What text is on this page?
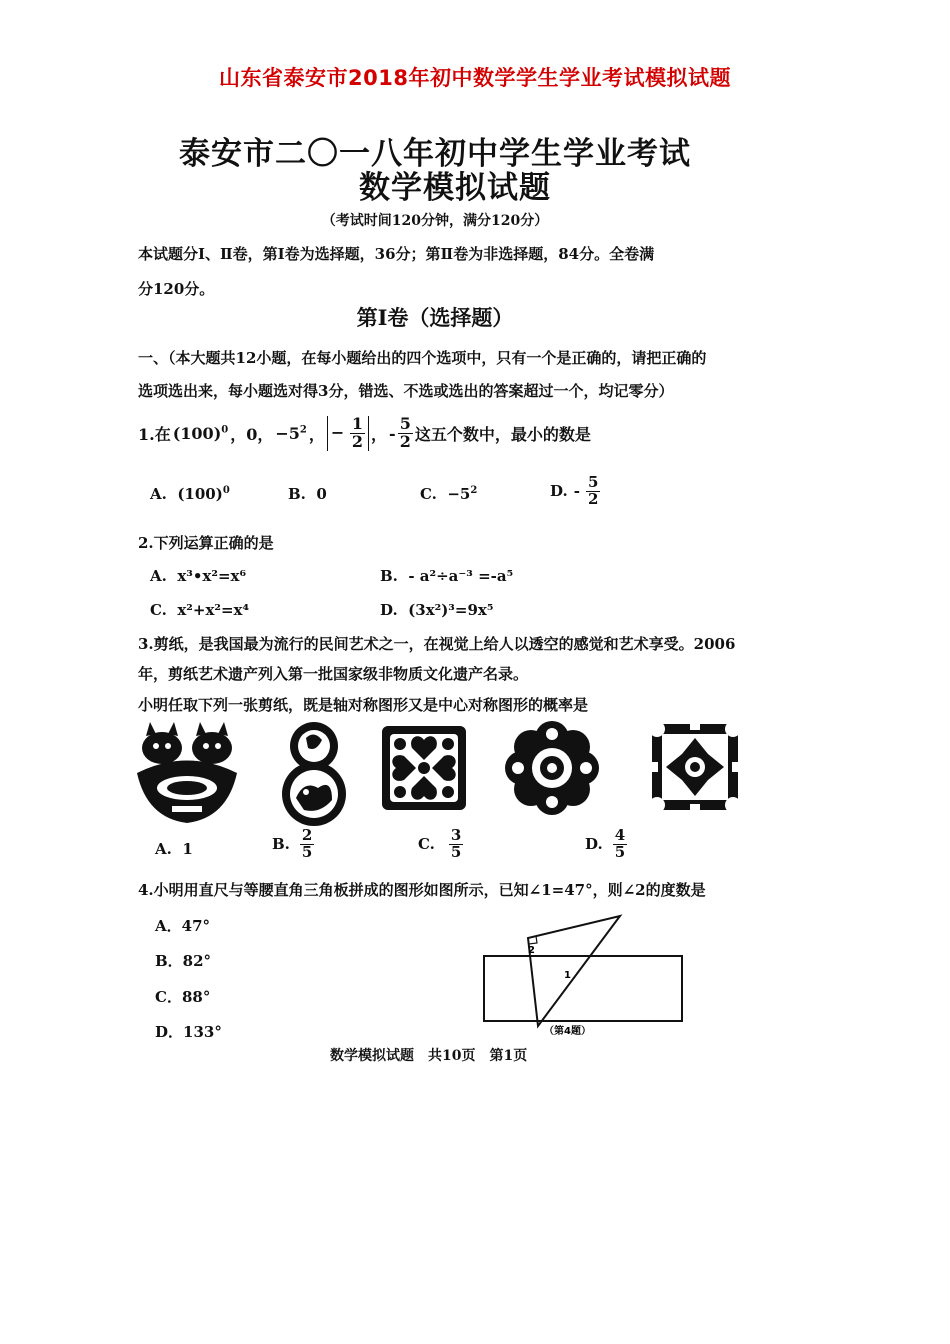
山东省泰安市2018年初中数学学生学业考试模拟试题
泰安市二〇一八年初中学生学业考试
数学模拟试题
（考试时间120分钟，满分120分）
本试题分Ⅰ、Ⅱ卷，第Ⅰ卷为选择题，36分；第Ⅱ卷为非选择题，84分。全卷满
分120分。
第Ⅰ卷（选择题）
一、（本大题共12小题，在每小题给出的四个选项中，只有一个是正确的，请把正确的
选项选出来，每小题选对得3分，错选、不选或选出的答案超过一个，均记零分）
1.在 $(100)^0$ ，0， $-5^2$ ， − $\frac{1}{2}$ ， - $\frac{5}{2}$ 这五个数中，最小的数是
A. $(100)^0$	B. 0	C. $-5^2$	D. - $\frac{5}{2}$
2.下列运算正确的是
A. x³•x²=x⁶	B. - a²÷a⁻³ =-a⁵
C. x²+x²=x⁴	D. (3x²)³=9x⁵
3.剪纸，是我国最为流行的民间艺术之一，在视觉上给人以透空的感觉和艺术享受。2006
年，剪纸艺术遗产列入第一批国家级非物质文化遗产名录。
小明任取下列一张剪纸，既是轴对称图形又是中心对称图形的概率是
A. 1	B. $\frac{2}{5}$	C. $\frac{3}{5}$	D. $\frac{4}{5}$
4.小明用直尺与等腰直角三角板拼成的图形如图所示，已知∠1=47°，则∠2的度数是
A．47°
B．82°
C．88°
D．133°
2
1
（第4题）
数学模拟试题　共10页　第1页
